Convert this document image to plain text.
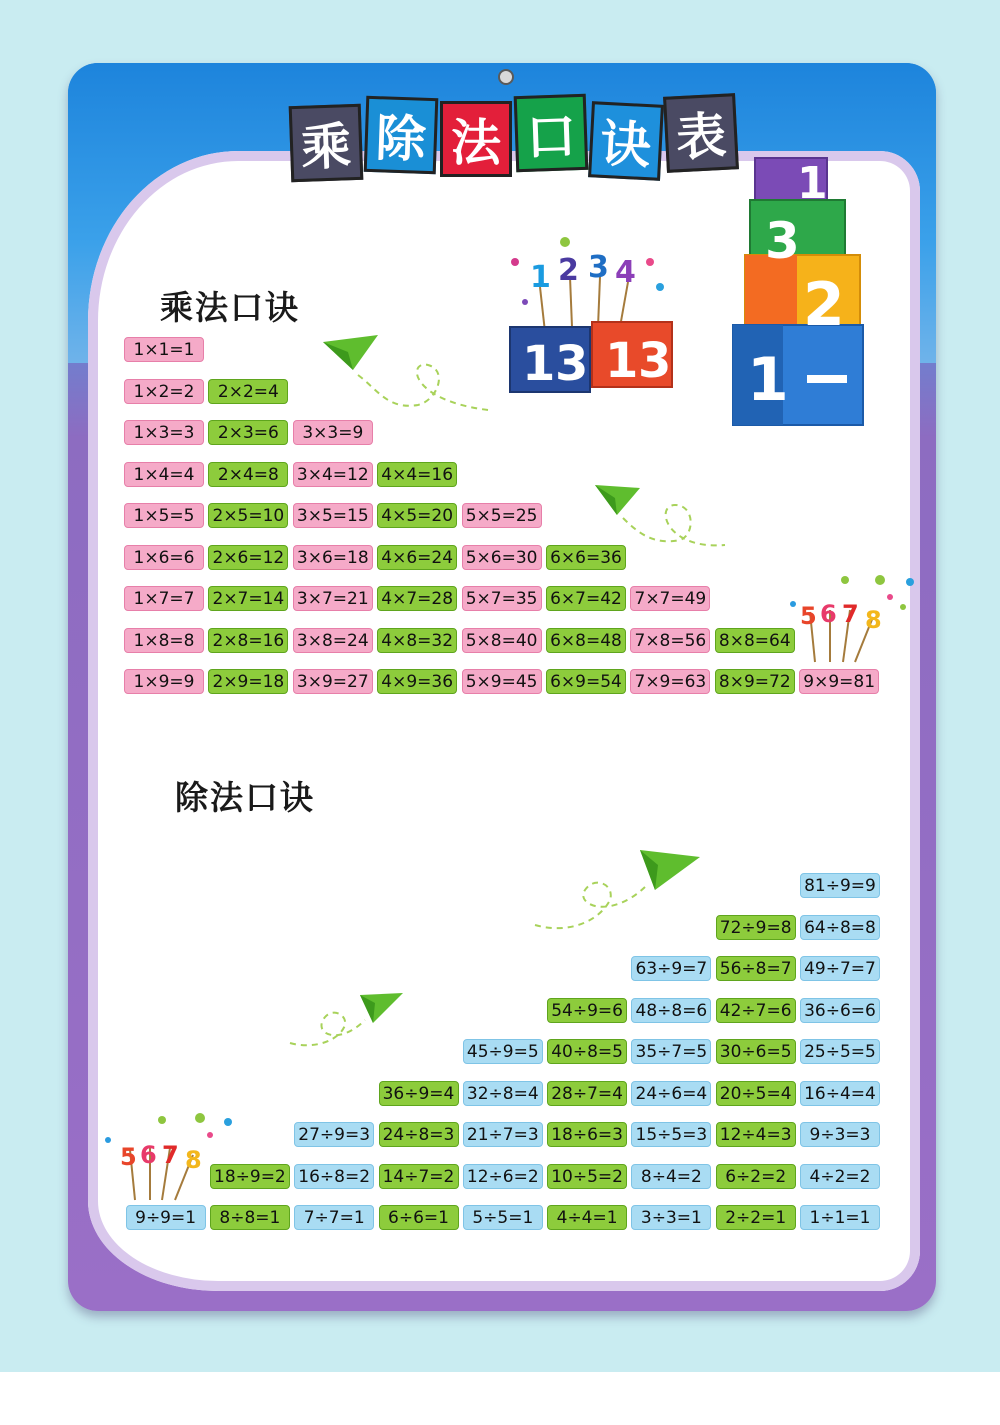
乘 除 法 口 诀 表
1
3
2
1
1 2 3 4
1 3 1 3
5 6 7 8
5 6 7 8
乘法口诀
除法口诀
1×1=1
1×2=2	2×2=4
1×3=3	2×3=6	3×3=9
1×4=4	2×4=8	3×4=12 4×4=16
1×5=5	2×5=10 3×5=15 4×5=20 5×5=25
1×6=6	2×6=12 3×6=18 4×6=24 5×6=30 6×6=36
1×7=7	2×7=14 3×7=21 4×7=28 5×7=35 6×7=42 7×7=49
1×8=8	2×8=16 3×8=24 4×8=32 5×8=40 6×8=48 7×8=56 8×8=64
1×9=9	2×9=18 3×9=27 4×9=36 5×9=45 6×9=54 7×9=63 8×9=72 9×9=81
81÷9=9
72÷9=8 64÷8=8
63÷9=7 56÷8=7 49÷7=7
54÷9=6 48÷8=6 42÷7=6 36÷6=6
45÷9=5 40÷8=5 35÷7=5 30÷6=5 25÷5=5
36÷9=4 32÷8=4 28÷7=4 24÷6=4 20÷5=4 16÷4=4
27÷9=3 24÷8=3 21÷7=3 18÷6=3 15÷5=3 12÷4=3	9÷3=3
18÷9=2 16÷8=2 14÷7=2 12÷6=2 10÷5=2	8÷4=2	6÷2=2	4÷2=2
9÷9=1	8÷8=1	7÷7=1	6÷6=1	5÷5=1	4÷4=1	3÷3=1	2÷2=1	1÷1=1
